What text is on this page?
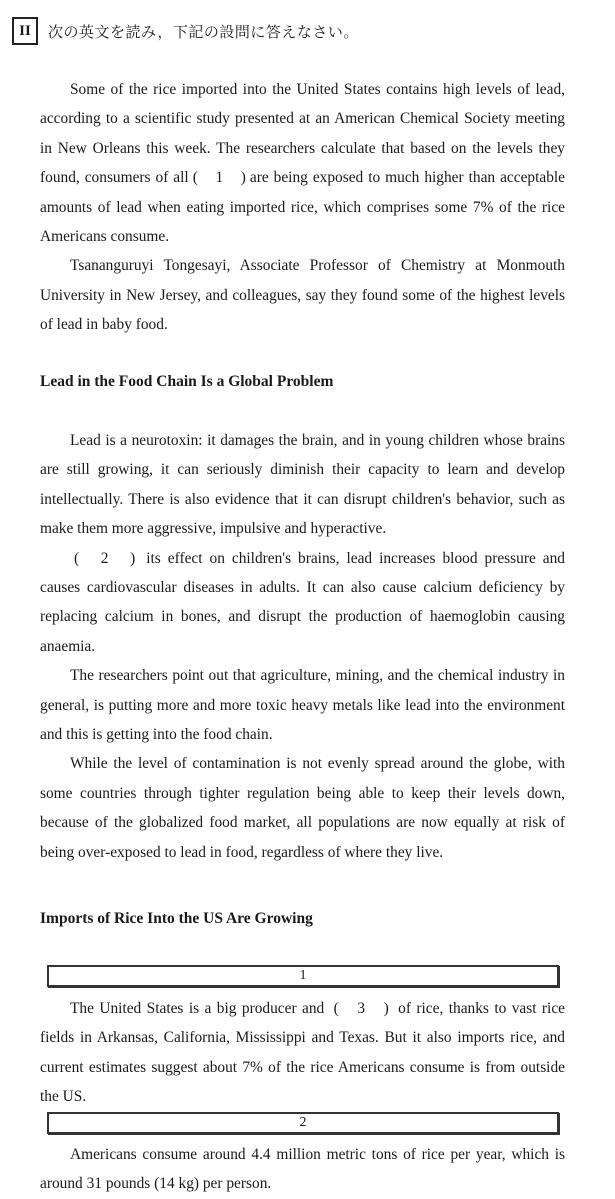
II	次の英文を読み，下記の設問に答えなさい。

Some of the rice imported into the United States contains high levels of lead, according to a scientific study presented at an American Chemical Society meeting in New Orleans this week. The researchers calculate that based on the levels they found, consumers of all (　1　) are being exposed to much higher than acceptable amounts of lead when eating imported rice, which comprises some 7% of the rice Americans consume.

Tsananguruyi Tongesayi, Associate Professor of Chemistry at Monmouth University in New Jersey, and colleagues, say they found some of the highest levels of lead in baby food.

Lead in the Food Chain Is a Global Problem

Lead is a neurotoxin: it damages the brain, and in young children whose brains are still growing, it can seriously diminish their capacity to learn and develop intellectually. There is also evidence that it can disrupt children's behavior, such as make them more aggressive, impulsive and hyperactive.

(　2　) its effect on children's brains, lead increases blood pressure and causes cardiovascular diseases in adults. It can also cause calcium deficiency by replacing calcium in bones, and disrupt the production of haemoglobin causing anaemia.

The researchers point out that agriculture, mining, and the chemical industry in general, is putting more and more toxic heavy metals like lead into the environment and this is getting into the food chain.

While the level of contamination is not evenly spread around the globe, with some countries through tighter regulation being able to keep their levels down, because of the globalized food market, all populations are now equally at risk of being over-exposed to lead in food, regardless of where they live.

Imports of Rice Into the US Are Growing
1

The United States is a big producer and (　3　) of rice, thanks to vast rice fields in Arkansas, California, Mississippi and Texas. But it also imports rice, and current estimates suggest about 7% of the rice Americans consume is from outside the US.

2

Americans consume around 4.4 million metric tons of rice per year, which is around 31 pounds (14 kg) per person.
